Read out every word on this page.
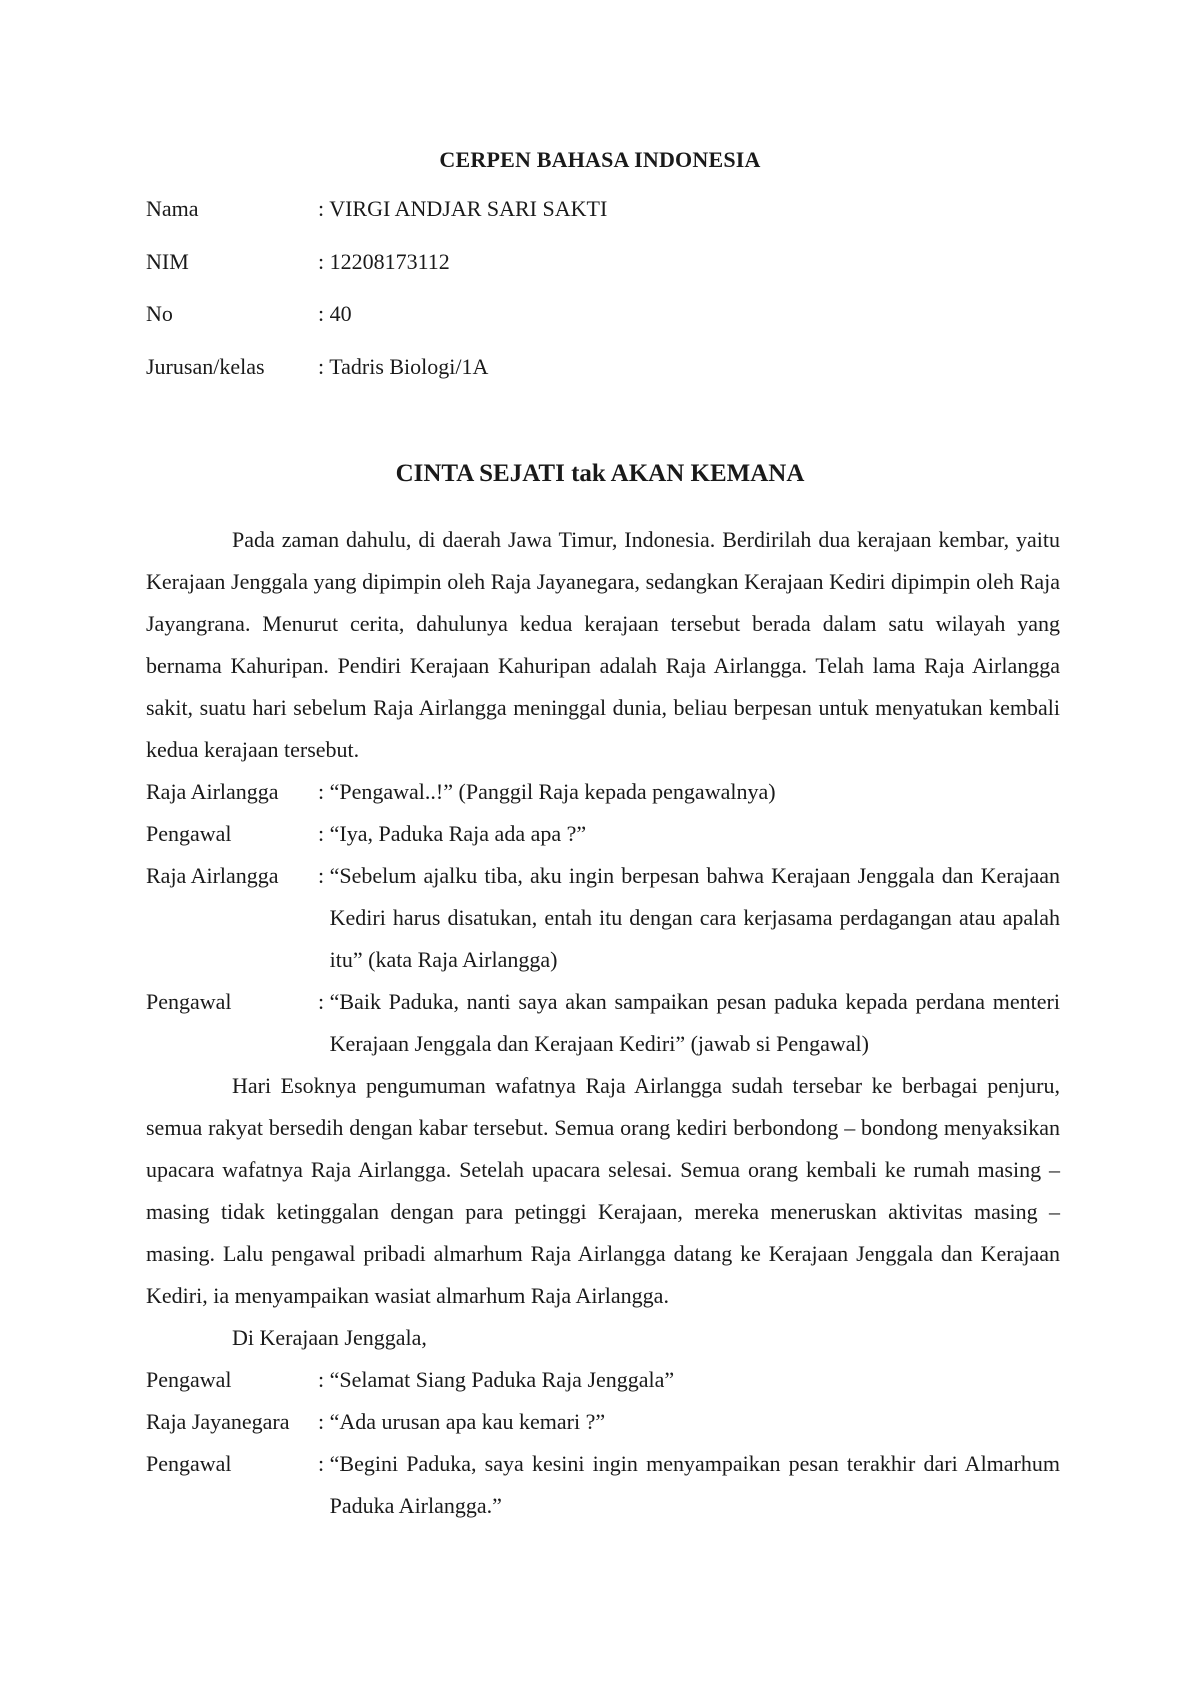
CERPEN BAHASA INDONESIA
Nama	: VIRGI ANDJAR SARI SAKTI
NIM	: 12208173112
No	: 40
Jurusan/kelas : Tadris Biologi/1A
CINTA SEJATI tak AKAN KEMANA

Pada zaman dahulu, di daerah Jawa Timur, Indonesia. Berdirilah dua kerajaan kembar, yaitu Kerajaan Jenggala yang dipimpin oleh Raja Jayanegara, sedangkan Kerajaan Kediri dipimpin oleh Raja Jayangrana. Menurut cerita, dahulunya kedua kerajaan tersebut berada dalam satu wilayah yang bernama Kahuripan. Pendiri Kerajaan Kahuripan adalah Raja Airlangga. Telah lama Raja Airlangga sakit, suatu hari sebelum Raja Airlangga meninggal dunia, beliau berpesan untuk menyatukan kembali kedua kerajaan tersebut.

Raja Airlangga	: “Pengawal..!” (Panggil Raja kepada pengawalnya)

Pengawal	: “Iya, Paduka Raja ada apa ?”

Raja Airlangga	: “Sebelum ajalku tiba, aku ingin berpesan bahwa Kerajaan Jenggala dan Kerajaan Kediri harus disatukan, entah itu dengan cara kerjasama perdagangan atau apalah itu” (kata Raja Airlangga)

Pengawal	: “Baik Paduka, nanti saya akan sampaikan pesan paduka kepada perdana menteri Kerajaan Jenggala dan Kerajaan Kediri” (jawab si Pengawal)

Hari Esoknya pengumuman wafatnya Raja Airlangga sudah tersebar ke berbagai penjuru, semua rakyat bersedih dengan kabar tersebut. Semua orang kediri berbondong – bondong menyaksikan upacara wafatnya Raja Airlangga. Setelah upacara selesai. Semua orang kembali ke rumah masing – masing tidak ketinggalan dengan para petinggi Kerajaan, mereka meneruskan aktivitas masing – masing. Lalu pengawal pribadi almarhum Raja Airlangga datang ke Kerajaan Jenggala dan Kerajaan Kediri, ia menyampaikan wasiat almarhum Raja Airlangga.

Di Kerajaan Jenggala,

Pengawal	: “Selamat Siang Paduka Raja Jenggala”

Raja Jayanegara	: “Ada urusan apa kau kemari ?”

Pengawal	: “Begini Paduka, saya kesini ingin menyampaikan pesan terakhir dari Almarhum Paduka Airlangga.”
